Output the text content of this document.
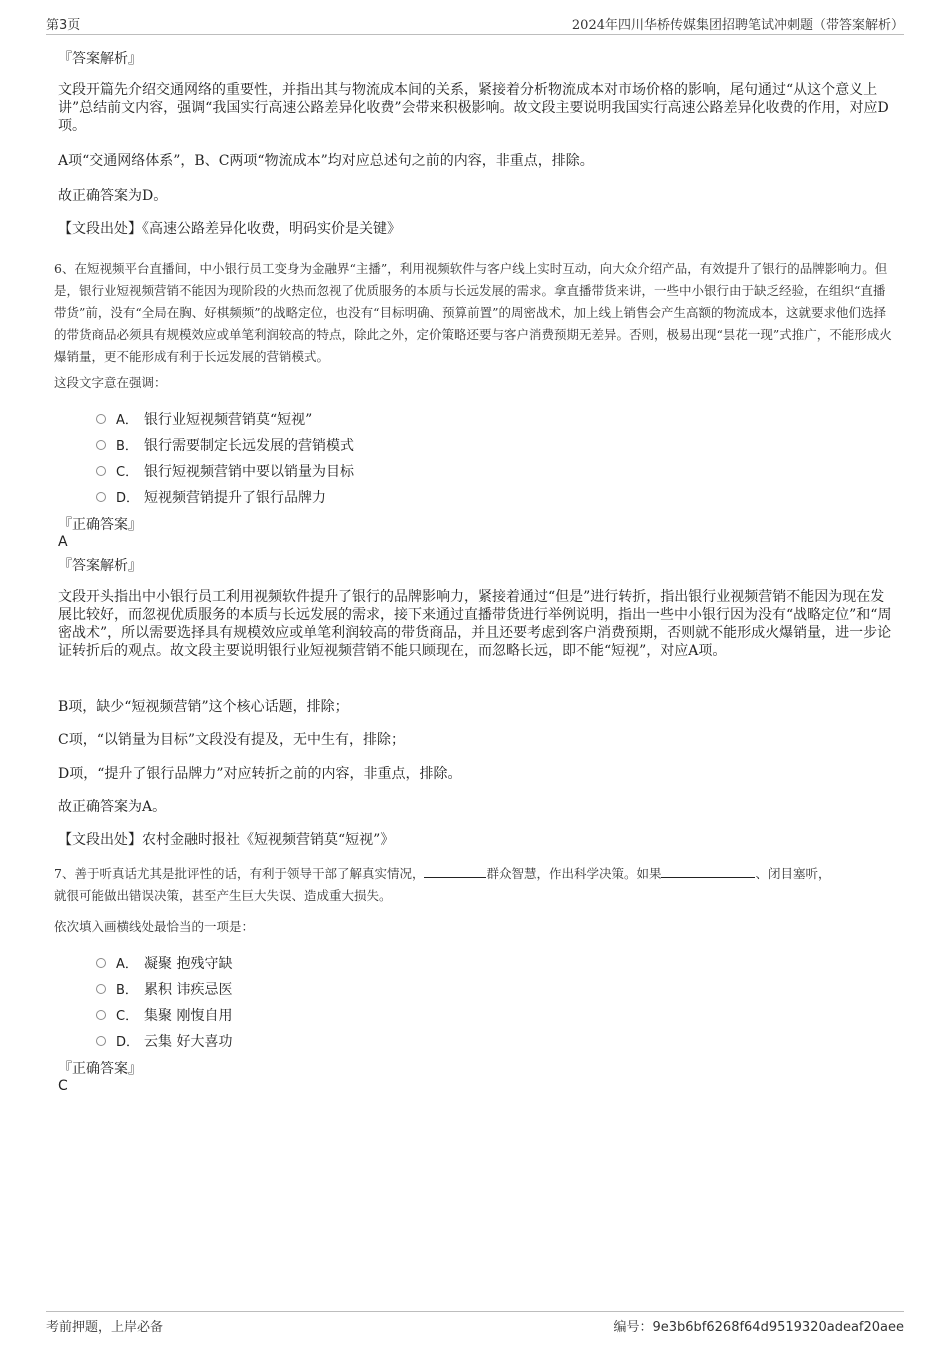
第3页	2024年四川华桥传媒集团招聘笔试冲刺题（带答案解析）
『答案解析』
文段开篇先介绍交通网络的重要性，并指出其与物流成本间的关系，紧接着分析物流成本对市场价格的影响，尾句通过“从这个意义上讲”总结前文内容，强调“我国实行高速公路差异化收费”会带来积极影响。故文段主要说明我国实行高速公路差异化收费的作用，对应D项。
A项“交通网络体系”，B、C两项“物流成本”均对应总述句之前的内容，非重点，排除。
故正确答案为D。
【文段出处】《高速公路差异化收费，明码实价是关键》
6、在短视频平台直播间，中小银行员工变身为金融界“主播”，利用视频软件与客户线上实时互动，向大众介绍产品，有效提升了银行的品牌影响力。但是，银行业短视频营销不能因为现阶段的火热而忽视了优质服务的本质与长远发展的需求。拿直播带货来讲，一些中小银行由于缺乏经验，在组织“直播带货”前，没有“全局在胸、好棋频频”的战略定位，也没有“目标明确、预算前置”的周密战术，加上线上销售会产生高额的物流成本，这就要求他们选择的带货商品必须具有规模效应或单笔利润较高的特点，除此之外，定价策略还要与客户消费预期无差异。否则，极易出现“昙花一现”式推广，不能形成火爆销量，更不能形成有利于长远发展的营销模式。
这段文字意在强调：
A． 银行业短视频营销莫“短视”
B． 银行需要制定长远发展的营销模式
C． 银行短视频营销中要以销量为目标
D． 短视频营销提升了银行品牌力
『正确答案』
A
『答案解析』
文段开头指出中小银行员工利用视频软件提升了银行的品牌影响力，紧接着通过“但是”进行转折，指出银行业视频营销不能因为现在发展比较好，而忽视优质服务的本质与长远发展的需求，接下来通过直播带货进行举例说明，指出一些中小银行因为没有“战略定位”和“周密战术”，所以需要选择具有规模效应或单笔利润较高的带货商品，并且还要考虑到客户消费预期，否则就不能形成火爆销量，进一步论证转折后的观点。故文段主要说明银行业短视频营销不能只顾现在，而忽略长远，即不能“短视”，对应A项。
B项，缺少“短视频营销”这个核心话题，排除；
C项，“以销量为目标”文段没有提及，无中生有，排除；
D项，“提升了银行品牌力”对应转折之前的内容，非重点，排除。
故正确答案为A。
【文段出处】农村金融时报社《短视频营销莫“短视”》
7、善于听真话尤其是批评性的话，有利于领导干部了解真实情况，	群众智慧，作出科学决策。如果	、闭目塞听，
就很可能做出错误决策，甚至产生巨大失误、造成重大损失。
依次填入画横线处最恰当的一项是：
A． 凝聚 抱残守缺
B． 累积 讳疾忌医
C． 集聚 刚愎自用
D． 云集 好大喜功
『正确答案』
C
考前押题，上岸必备	编号：9e3b6bf6268f64d9519320adeaf20aee
